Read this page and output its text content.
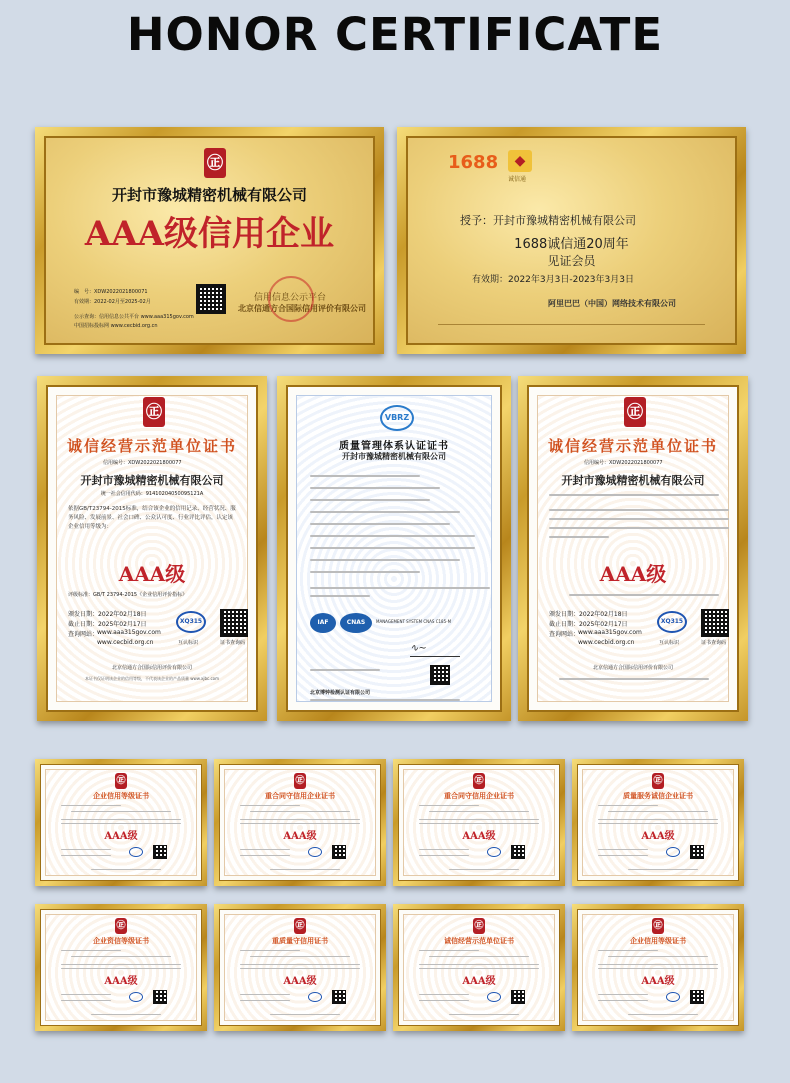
HONOR CERTIFICATE
㊣
开封市豫城精密机械有限公司
AAA级信用企业
编　号：XDW2022021800071
有效期：2022-02月至2025-02月
公示查询：信用信息公共平台 www.aaa315gov.com
中国招标投标网 www.cecbid.org.cn
信用信息公示平台
北京信通方合国际信用评价有限公司
1688	◆
诚信通
授予：开封市豫城精密机械有限公司
1688诚信通20周年
见证会员
有效期：2022年3月3日-2023年3月3日
阿里巴巴（中国）网络技术有限公司
㊣
诚信经营示范单位证书
信用编号：XDW2022021800077
开封市豫城精密机械有限公司
统一社会信用代码：91410204050095121A
依据GB/T23794-2015标准，结合该企业的信用记录、经营状况、服务风险、发展前景、社会口碑、公众认可度、行业评比评估，认定该企业信用等级为：
AAA级
评级标准：GB/T 23794-2015《企业信用评价指标》
颁发日期：2022年02月18日
截止日期：2025年02月17日
查询网站：
www.aaa315gov.com
www.cecbid.org.cn
XQ315
互认标识	证书查询码
北京信通方合国际信用评价有限公司
本证书仅证明该企业的信用等级，不代表该企业的产品质量 www.xjbc.com
VBRZ
质量管理体系认证证书
开封市豫城精密机械有限公司
IAF	CNAS	MANAGEMENT SYSTEM CNAS C185-M
∿∼
北京博钟检测认证有限公司
㊣
诚信经营示范单位证书
信用编号：XDW2022021800077
开封市豫城精密机械有限公司
AAA级
颁发日期：2022年02月18日
截止日期：2025年02月17日
查询网站：
www.aaa315gov.com
www.cecbid.org.cn
XQ315
互认标识	证书查询码
北京信通方合国际信用评价有限公司
㊣
企业信用等级证书
AAA级
㊣
重合同守信用企业证书
AAA级
㊣
重合同守信用企业证书
AAA级
㊣
质量服务诚信企业证书
AAA级
㊣
企业资信等级证书
AAA级
㊣
重质量守信用证书
AAA级
㊣
诚信经营示范单位证书
AAA级
㊣
企业信用等级证书
AAA级
